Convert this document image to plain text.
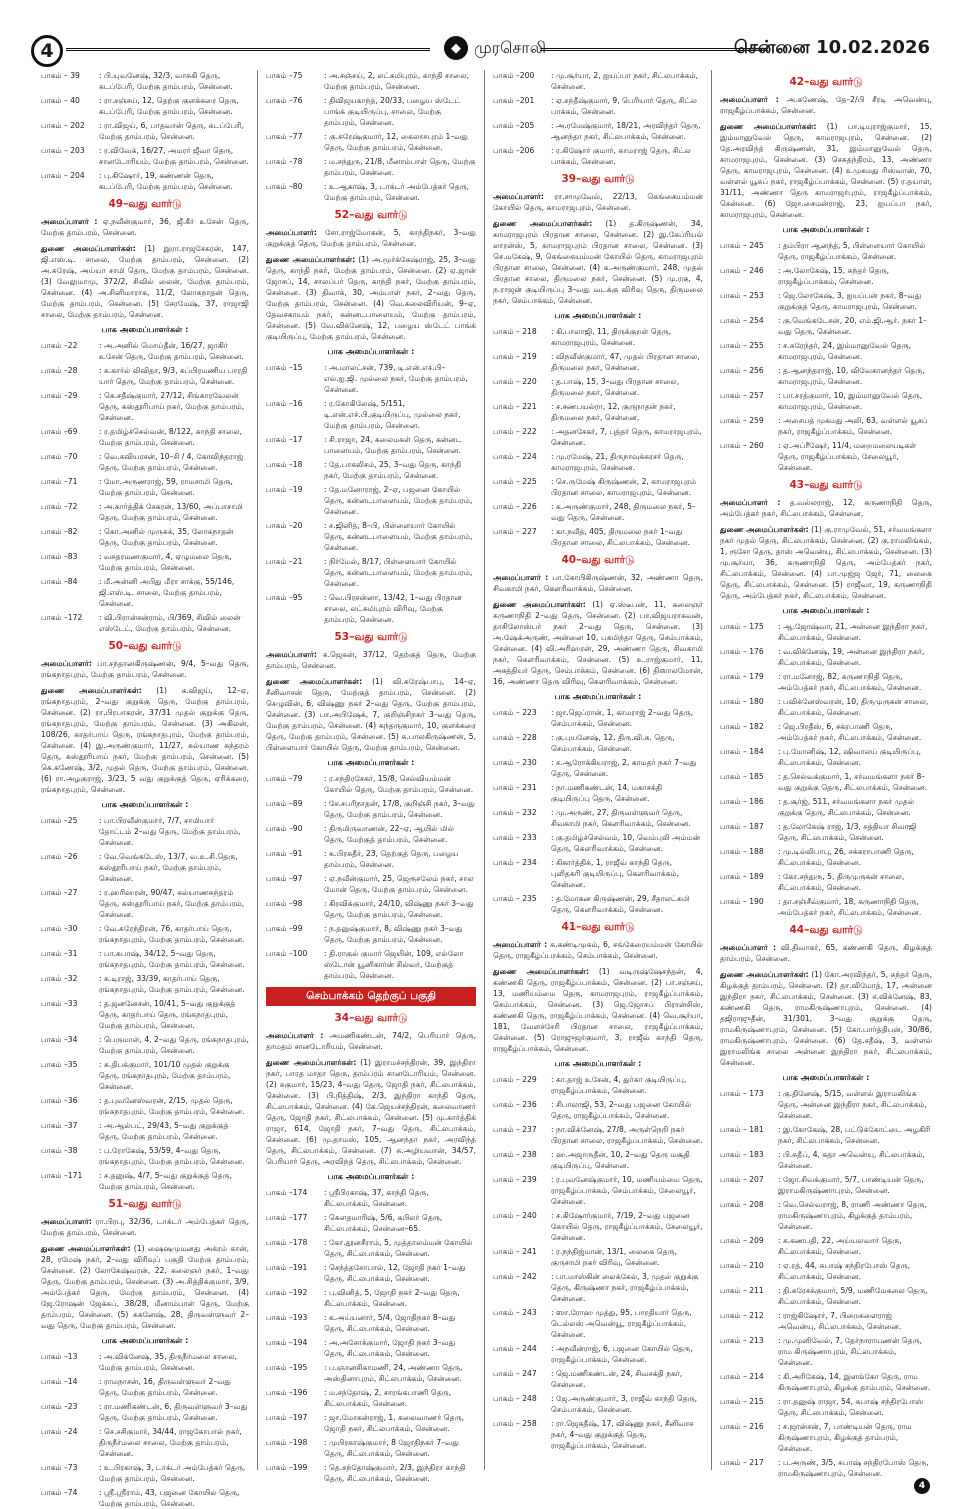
4	◆ முரசொலி	சென்னை 10.02.2026
பாகம் – 39	: பி.யுவனேஷ், 32/3, வாசுகி தெரு, கடப்பேரி, மேற்கு தாம்பரம், சென்னை.
பாகம் – 40	: ரா.சஞ்சய், 12, தெற்கு குளக்கரை தெரு, கடப்பேரி, மேற்கு தாம்பரம், சென்னை.
பாகம் – 202	: ரா.விஜய், 6, பாதவான் தெரு, கடப்பேரி, மேற்கு தாம்பரம், சென்னை.
பாகம் – 203	: ர.விவேக், 16/27, அமரர் ஜீவா தெரு, சானடோரியம், மேற்கு தாம்பரம், சென்னை.
பாகம் – 204	: பு.கிஷோர், 19, கண்ணன் தெரு, கடப்பேரி, மேற்கு தாம்பரம், சென்னை.
49–வது வார்டு
அமைப்பாளர் : ஏ.நவீன்குமார், 36, ஜீ.கீர் உசேன் தெரு, மேற்கு தாம்பரம், சென்னை.
துணை அமைப்பாளர்கள்: (1) இரா.ராஜசேகரன், 147, ஜி.எஸ்.டி. சாலை, மேற்கு தாம்பரம், சென்னை. (2) அ.சுரேஷ், அய்யா சாமி தெரு, மேற்கு தாம்பரம், சென்னை. (3) வேலுமாமு, 372/2, சிவில் லைன், மேற்கு தாம்பரம், சென்னை. (4) அ.சினிமாராக, 11/2, லோகநாதன் தெரு, மேற்கு தாம்பரம், சென்னை. (5) சேரமேஷ், 37, ராஜாஜி சாலை, மேற்கு தாம்பரம், சென்னை.
பாக அமைப்பாளர்கள் :
பாகம் –22	: அ.அனில் மொய்தீன், 16/27, ஜாகிர் உசேன் தெரு, மேற்கு தாம்பரம், சென்னை.
பாகம் –28	: க.கார்ல் லிவிதா, 9/3, சுப்பிரமணிய பாரதி யார் தெரு, மேற்கு தாம்பரம், சென்னை.
பாகம் –29	: கெ.சதீஷ்குமார், 27/12, சிங்காரவேலன் தெரு, கஸ்தூரிபாய் நகர், மேற்கு தாம்பரம், சென்னை.
பாகம் –69	: ர.தமிழ்ச்செல்வன், 8/122, காந்தி சாலை, மேற்கு தாம்பரம், சென்னை.
பாகம் –70	: வெ.கவியரசன், 10–சி / 4, கோவிந்தராஜ் தெரு, மேற்கு தாம்பரம், சென்னை.
பாகம் –71	: மோ.அருணராஜ், 59, ராமசாமி தெரு, மேற்கு தாம்பரம், சென்னை.
பாகம் –72	: அ.கார்த்திக் சேகரன், 13/60, அப்பாசாமி தெரு, மேற்கு தாம்பரம், சென்னை.
பாகம் –82	: கொ.அனில் முருகக், 35, லோகநாதன் தெரு, மேற்கு தாம்பரம், சென்னை.
பாகம் –83	: வசதரமணகுமார், 4, ஏழுமலை தெரு, மேற்கு தாம்பரம், சென்னை.
பாகம் –84	: மீ.அன்னி அபிது மீரா சாக்கு, 55/146, ஜி.எஸ்.டி. சாலை, மேற்கு தாம்பரம், சென்னை.
பாகம் –172	: வி.பிரான்சன்ராம், பி/369, சிவில் லைன் எஸ்டேட், மேற்கு தாம்பரம், சென்னை.
50–வது வார்டு
அமைப்பாளர்: பா.சந்தானகிருஷ்ணன், 9/4, 5–வது தெரு, ரங்கநாதபுரம், மேற்கு தாம்பரம், சென்னை.
துணை அமைப்பாளர்கள்: (1) க.விஜய், 12–ஏ, ரங்கநாதபுரம், 2–வது குறுக்கு தெரு, மேற்கு தாம்பரம், சென்னை. (2) ரா.பிரபாகரன், 37/31 முதல் குறுக்கு தெரு, ரங்கநாதபுரம், மேற்கு தாம்பரம், சென்னை. (3) அகிலன், 108/26, காதர்பாய் தெரு, ரங்கநாதபுரம், மேற்கு தாம்பரம், சென்னை. (4) இ.அருண்குமார், 11/27, கல்யாண சுந்தரம் தெரு, கஸ்தூரிபாய் நகர், மேற்கு தாம்பரம், சென்னை. (5) கெ.கணேஷ், 3/2, முதல் தெரு, மேற்கு தாம்பரம், சென்னை. (6) ரா.அழகுராஜ், 3/23, 5 வது குறுக்குத் தெரு, ஏரிக்கரை, ரங்கநாதபுரம், சென்னை.
பாக அமைப்பாளர்கள் :
பாகம் –25	: பா.பிரவீன்குமார், 7/7, சாமியார் தோட்டம் 2–வது தெரு, மேற்கு தாம்பரம், சென்னை.
பாகம் –26	: வே.வெங்கடேஸ், 13/7, வ.உ.சி.தெரு, கஸ்தூரிபாய் நகர், மேற்கு தாம்பரம், சென்னை.
பாகம் –27	: ர.ஹரிஹரன், 90/47, கல்யாணசுந்தரம் தெரு, கஸ்தூரிபாய் நகர், மேற்கு தாம்பரம், சென்னை.
பாகம் –30	: வே.சுரேந்திரன், 76, காதர்பாய் தெரு, ரங்கநாதபுரம், மேற்கு தாம்பரம், சென்னை.
பாகம் –31	: பா.சுபாஷ், 34/12, 5–வது தெரு, ரங்கநாதபுரம், மேற்கு தாம்பரம், சென்னை.
பாகம் –32	: க.டிராஜ், 33/39, காதர்பாய் தெரு, ரங்கநாதபுரம், மேற்கு தாம்பரம், சென்னை.
பாகம் –33	: த.ஜனனேசன், 10/41, 5–வது குறுக்குத் தெரு, காதர்பாய் தெரு, ரங்கநாதபுரம், மேற்கு தாம்பரம், சென்னை.
பாகம் –34	: பெருமாள், 4, 2–வது தெரு, ரங்கநாதபுரம், மேற்கு தாம்பரம், சென்னை.
பாகம் –35	: சு.திபக்குமார், 101/10 முதல் குறுக்கு தெரு, ரங்கநாதபுரம், மேற்கு தாம்பரம், சென்னை.
பாகம் –36	: த.புவனேஸ்வரன், 2/15, முதல் தெரு, ரங்கநாதபுரம், மேற்கு தாம்பரம், சென்னை.
பாகம் –37	: அ.ஆல்பட், 29/43, 5–வது குறுக்குத் தெரு, மேற்கு தாம்பரம், சென்னை.
பாகம் –38	: ப.ரோகேஷ், 53/59, 4–வது தெரு, ரங்கநாதபுரம், மேற்கு தாம்பரம், சென்னை.
பாகம் –171	: ச.தனுஷ், 4/7, 5–வது குறுக்குத் தெரு, மேற்கு தாம்பரம், சென்னை.
51–வது வார்டு
அமைப்பாளர்: ரா.பிரபு, 32/36, டாக்டர் அம்பேத்கர் தெரு, மேற்கு தாம்பரம், சென்னை.
துணை அமைப்பாளர்கள்: (1) ஷைஷமுமனது அக்ரம் கான், 28, ரமேஷ் நகர், 2–வது விரிவுப் பகுதி மேற்கு தாம்பரம், சென்னை. (2) லோகேஷ்வரன், 22, கலைஞர் நகர், 1–வது தெரு, மேற்கு தாம்பரம், சென்னை. (3) அ.சித்திக்குமார், 3/9, அம்பேத்கர் தெரு, மேற்கு தாம்பரம், சென்னை. (4) ஜே.ரோஷன் ஜேக்கப், 38/28, மீனாம்பாள் தெரு, மேற்கு தாம்பரம், சென்னை. (5) சுகனேஷ், 28, திருவள்ளுவர் 2–வது தெரு, மேற்கு தாம்பரம், சென்னை.
பாக அமைப்பாளர்கள் :
பாகம் –13	: அ.விக்னேஷ், 35, திருநீர்மலை சாலை, மேற்கு தாம்பரம், சென்னை.
பாகம் –14	: ராமநாசன், 16, திருவள்ளுவர் 2–வது தெரு, மேற்கு தாம்பரம், சென்னை.
பாகம் –23	: ரா.மணிகண்டன், 6, திருவள்ளுவர் 3–வது தெரு, மேற்கு தாம்பரம், சென்னை.
பாகம் –24	: செ.சசிகுமார், 34/44, ராஜகோபால் நகர், திருநீர்மலை சாலை, மேற்கு தாம்பரம், சென்னை.
பாகம் –73	: உ.பிரகாஷ், 3, டாக்டர் அம்பேத்கர் தெரு, மேற்கு தாம்பரம், சென்னை.
பாகம் –74	: ஸ்ரீ.ஸ்ரீராம், 43, பஜனை கோயில் தெரு, மேற்கு தாம்பரம், சென்னை.
பாகம் –75	: அ.சஞ்சய், 2, லட்சுமிபுரம், காந்தி சாலை, மேற்கு தாம்பரம், சென்னை.
பாகம் –76	: திவிஜயகாந்த், 20/33, பழைய ஸ்டேட் பாங்க் குடியிருப்பு, சாலை, மேற்கு தாம்பரம், சென்னை.
பாகம் –77	: கு.சுரேஷ்குமார், 12, கைலாசபுரம் 1–வது தெரு, மேற்கு தாம்பரம், சென்னை.
பாகம் –78	: ம.சந்துரு, 21/8, மீனாம்பாள் தெரு, மேற்கு தாம்பரம், சென்னை.
பாகம் –80	: உ.ஆகாஷ், 3, டாக்டர் அம்பேத்கர் தெரு, மேற்கு தாம்பரம், சென்னை.
52–வது வார்டு
அமைப்பாளர்: சோ.ராஜ்மோகன், 5, காந்திநகர், 3–வது குறுக்குத் தெரு, மேற்கு தாம்பரம், சென்னை.
துணை அமைப்பாளர்கள்: (1) அ.மூர்க்கேஷ்ராஜ், 25, 3–வது தெரு, காந்தி நகர், மேற்கு தாம்பரம், சென்னை. (2) ஏ.ஜான் ஜோசப், 14, சாலப்பர் தெரு, காந்தி நகர், மேற்கு தாம்பரம், சென்னை. (3) திவாக், 30, அம்பாள் நகர், 2–வது தெரு, மேற்கு தாம்பரம், சென்னை. (4) வெ.கலைவிரியன், 9–ஏ, தேவசகாயம் நகர், கன்னடபாளையம், மேற்கு தாம்பரம், சென்னை. (5) வே.விக்னேஷ், 12, பழைய ஸ்டேட் பாங்க் குடியிருப்பு, மேற்கு தாம்பரம், சென்னை.
பாக அமைப்பாளர்கள் :
பாகம் –15	: அ.மாலட்சன், 739, டி.என்.எச்.பி–எல்.ஐ.ஜி. முல்லை நகர், மேற்கு தாம்பரம், சென்னை.
பாகம் –16	: ர.கோகிலேஷ், 5/151, டி.என்.எச்.பி.குடியிருப்பு, முல்லை நகர், மேற்கு தாம்பரம், சென்னை.
பாகம் –17	: சி.ராஜா, 24, கலைமகள் தெரு, கன்னட பாளையம், மேற்கு தாம்பரம், சென்னை.
பாகம் –18	: தே.பாகலிசம், 25, 3–வது தெரு, காந்தி நகர், மேற்கு தாம்பரம், சென்னை.
பாகம் –19	: தே.மனோராஜ், 2–ஏ, பஜனை கோயில் தெரு, கன்னடபாளையம், மேற்கு தாம்பரம், சென்னை.
பாகம் –20	: ச.ஜினித், 8–பி, பிள்ளையார் கோயில் தெரு, கன்னடபாளையம், மேற்கு தாம்பரம், சென்னை.
பாகம் –21	: நிர்மேல், 8/17, பிள்ளையார் கோயில் தெரு, கன்னடபாளையம், மேற்கு தாம்பரம், சென்னை.
பாகம் –95	: வெ.பிரசன்னா, 13/42, 1–வது பிரதான சாலை, லட்சுமிபுரம் விரிவு, மேற்கு தாம்பரம், சென்னை.
53–வது வார்டு
அமைப்பாளர்: க.ஜெகன், 37/12, தெற்குத் தெரு, மேற்கு தாம்பரம், சென்னை.
துணை அமைப்பாளர்கள்: (1) வி.சுரேஷ்பாபு, 14–ஏ, சீனிவாசன் தெரு, மேற்குத் தாம்பரம், சென்னை. (2) செழுவின், 6, விஷ்ணு நகர் 2–வது தெரு, மேற்கு தாம்பரம், சென்னை. (3) பா.அபிஷேக், 7, குறிஞ்சிநகர் 3–வது தெரு, மேற்கு தாம்பரம், சென்னை. (4) சுந்தருகுமார், 10, குளக்கரை தெரு, மேற்கு தாம்பரம், சென்னை. (5) சு.பாலகிருஷ்ணன், 5, பிள்ளையார் கோயில் தெரு, மேற்கு தாம்பரம், சென்னை.
பாக அமைப்பாளர்கள் :
பாகம் –79	: ர.சந்திரசேகர், 15/8, செல்வியம்மன் கோயில் தெரு, மேற்கு தாம்பரம், சென்னை.
பாகம் –89	: சே.சபரிநாதன், 17/8, குறிஞ்சி நகர், 3–வது தெரு, மேற்கு தாம்பரம், சென்னை.
பாகம் –90	: திருமிருவாணன், 22–ஏ, ஆயில் மில் தெரு, மேற்குத் தாம்பரம், சென்னை.
பாகம் –91	: சு.பிரசுதீர், 23, தெற்குத் தெரு, பழைய தாம்பரம், சென்னை.
பாகம் –97	: ஏ.நவீன்குமார், 25, ஜெரூசலேம் நகர், சால மோன் தெரு, மேற்கு தாம்பரம், சென்னை.
பாகம் –98	: கிரவிக்குமார், 24/10, விஷ்ணு நகர் 3–வது தெரு, மேற்கு தாம்பரம், சென்னை.
பாகம் –99	: ந.தனுஷ்குமார், 8, விஷ்ணு நகர் 3–வது தெரு, மேற்கு தாம்பரம், சென்னை.
பாகம் –100	: தி.ராகுல் குமார் ஜெயின், 109, எல்லோ ஸ்டோன் யூனிகார்ன் சில்வர், மேற்குத் தாம்பரம், சென்னை.
செம்பாக்கம் தெற்குப் பகுதி
34–வது வார்டு
அமைப்பாளர் : அமணிகண்டன், 74/2, பெரியார் தெரு, தாமதம் சானடோரியம், சென்னை.
துணை அமைப்பாளர்கள்: (1) இராமச்சந்திரன், 39, இந்திரா நகர், பாரத மாதா தெரு, தாம்பரம் சானடோரியம், சென்னை. (2) சுகுமார், 15/23, 4–வது தெரு, ஜோதி நகர், சிட்லபாக்கம், சென்னை. (3) பி.நித்திஷ், 2/3, இந்திரா காந்தி தெரு, சிட்லபாக்கம், சென்னை. (4) கே.ஜெயச்சந்திரன், கலைவாணர் தெரு, ஜோதி நகர், சிட்லபாக்கம், சென்னை. (5) மு.கார்த்திக் ராஜா, 614, ஜோதி நகர், 7–வது தெரு, சிட்லபாக்கம், சென்னை. (6) மு.தாமஸ், 105, ஆனந்தா நகர், அரவிந்த் தெரு, சிட்லபாக்கம், சென்னை. (7) சு.அழியவான், 34/57, பெரியார் தெரு, அரவிந்த் தெரு, சிட்லபாக்கம், சென்னை.
பாக அமைப்பாளர்கள் :
பாகம் –174	: ஸ்ரீபிரகாஷ், 37, காந்தி தெரு, சிட்லபாக்கம், சென்னை.
பாகம் –177	: கௌதமாரிஷ், 5/6, கபிலர் தெரு, சிட்லபாக்கம், சென்னை–65.
பாகம் –178	: கோ.தூனசீராம், 5, முத்தாலம்மன் கோயில் தெரு, சிட்லபாக்கம், சென்னை.
பாகம் –191	: செந்த்தசோபால், 12, ஜோதி நகர் 1–வது தெரு, சிட்லபாக்கம், சென்னை.
பாகம் –192	: ப.வினித், 5, ஜோதி நகர் 2–வது தெரு, சிட்லபாக்கம், சென்னை.
பாகம் –193	: க.அய்யனார், 5/4, ஜோதிநகர் 8–வது தெரு, சிட்லபாக்கம், சென்னை.
பாகம் –194	: அ.அசோக்குமார், ஜோதி நகர் 3–வது தெரு, சிட்லபாக்கம், சென்னை.
பாகம் –195	: ப.ஞானசிகாமணி, 24, அண்ணா தெரு, அஸ்தினாபுரம், சிட்லபாக்கம், சென்னை.
பாகம் –196	: ம.சந்தோஷ், 2, சாரங்கபாணி தெரு, சிட்லபாக்கம், சென்னை.
பாகம் –197	: ஜா.மோகன்ராஜ், 1, கலைவாணர் தெரு, ஜோதி நகர், சிட்லபாக்கம், சென்னை.
பாகம் –198	: முபிரகாஷ்குமார், 8 ஜோதிநகர் 7–வது தெரு, சிட்லபாக்கம், சென்னை.
பாகம் –199	: தெ.சந்தோஷ்குமார், 2/3, இந்திரா காந்தி தெரு, சிட்லபாக்கம், சென்னை.
பாகம் –200	: மு.சூர்யா, 2, ஐயப்பா நகர், சிட்லபாக்கம், சென்னை.
பாகம் –201	: ஏ.சந்தீஷ்குமார், 9, பெரியார் தெரு, சிட்ல பாக்கம், சென்னை.
பாகம் –205	: அ.ரமேஷ்குமார், 18/21, அரவிந்தர் தெரு, ஆனந்தா நகர், சிட்லபாக்கம், சென்னை.
பாகம் –206	: ர.கிஷோர் குமார், காமராஜ் தெரு, சிட்ல பாக்கம், சென்னை.
39–வது வார்டு
அமைப்பாளர்: ரா.சாமுவேல், 22/13, கெங்கையம்மன் கோயில் தெரு, காமராஜபுரம், சென்னை.
துணை அமைப்பாளர்கள்: (1) த.கிருஷ்ணன், 34, காமராஜபுரம் பிரதான சாலை, சென்னை. (2) இ.கேப்ரியல் லாரன்ஸ், 5, காமராஜபுரம் பிரதான சாலை, சென்னை. (3) செ.மகேஷ், 9, கெங்கையம்மன் கோயில் தெரு, காமராஜபுரம் பிரதான சாலை, சென்னை. (4) க.அருண்குமார், 248, முதல் பிரதான சாலை, திருமலை நகர், சென்னை. (5) மு.ரகு, 4, ந.ராஜன் குடியிருப்பு 3–வது வடக்கு விரிவு தெரு, திருமலை நகர், செம்பாக்கம், சென்னை.
பாக அமைப்பாளர்கள் :
பாகம் – 218	: கி.பாலாஜி, 11, திருக்குறள் தெரு, காமராஜபுரம், சென்னை.
பாகம் – 219	: விநவீன்குமார், 47, முதல் பிரதான சாலை, திருமலை நகர், சென்னை.
பாகம் – 220	: த.பாஷ், 15, 3–வது பிரதான சாலை, திருமலை நகர், சென்னை.
பாகம் – 221	: ச.சணபயல்ரா, 12, குருநாதன் நகர், திருமலை நகர், சென்னை.
பாகம் – 222	: அதனசேகர், 7, புத்தர் தெரு, காமராஜபுரம், சென்னை.
பாகம் – 224	: மு.ரமேஷ், 21, திருநாவுக்கரசர் தெரு, காமராஜபுரம், சென்னை.
பாகம் – 225	: செ.ருமேஷ் கிருஷ்ணன், 2, காமராஜபுரம் பிரதான சாலை, காமராஜபுரம், சென்னை.
பாகம் – 226	: க.அருண்குமார், 248, திருமலை நகர், 5–வது தெரு, சென்னை.
பாகம் – 227	: கா.நவீத், 405, திருமலை நகர் 1–வது பிரதான சாலை, சிட்லபாக்கம், சென்னை.
40–வது வார்டு
அமைப்பாளர் : பா.கோபிகிருஷ்ணன், 32, அண்ணா தெரு, சிவகாமி நகர், கௌரிவாக்கம், சென்னை.
துணை அமைப்பாளர்கள்: (1) ஏ.ஸ்டீபன், 11, கலைஞர் கருணாநிதி 2–வது தெரு, சென்னை. (2) பா.விஜயராகவன், தாசிலோஸ்பர் நகர் 2–வது தெரு, சென்னை. (3) அ.ஷேக்அருண், அன்னை 10, பசுமிந்தா தெரு, செம்பாக்கம், சென்னை. (4) வி.அரிஹரன், 29, அண்ணா தெரு, சிவகாமி நகர், கௌரிவாக்கம், சென்னை. (5) உ.ராஜ்குமார், 11, அகத்தியர் தெரு, செம்பாக்கம், சென்னை. (6) திஸாலமோன், 16, அண்ணா தெரு விரிவு, கௌரிவாக்கம், சென்னை.
பாக அமைப்பாளர்கள் :
பாகம் – 223	: ஜா.ஜெப்ரான், 1, காமராஜ் 2–வது தெரு, செம்பாக்கம், சென்னை.
பாகம் – 228	: கு.புயனேஷ், 12, திரு.வி.க. தெரு, செம்பாக்கம், சென்னை.
பாகம் – 230	: ச.ஆரோக்கியராஜ், 2, காமதர் நகர் 7–வது தெரு, சென்னை.
பாகம் – 231	: நா.மணிகண்டன், 14, மகாசக்தி குடியிருப்பு தெரு, சென்னை.
பாகம் – 232	: மு.அருண், 27, திருவள்ளுவர் தெரு, சிவகாமி நகர், கௌரிவாக்கம், சென்னை.
பாகம் – 233	: கு.தமிழ்ச்செல்வம், 10, வெம்புலி அம்மன் தெரு, கௌரிவாக்கம், சென்னை.
பாகம் – 234	: கிகார்த்திக், 1, ராஜீவ் காந்தி தெரு, புளிதகரி குடியிருப்பு, கௌரிவாக்கம், சென்னை.
பாகம் – 235	: த.மோகன கிருஷ்ணன், 29, சீதாலட்சுமி தெரு, கௌரிவாக்கம், சென்னை.
41–வது வார்டு
அமைப்பாளர் : க.கண்டிமுகம், 6, சங்கேரையம்மன் கோயில் தெரு, ராஜகீழ்ப்பாக்கம், செம்பாக்கம், சென்னை.
துணை அமைப்பாளர்கள்: (1) வடிருஷ்ஷேசந்தன், 4, கண்ணகி தெரு, ராஜகீழ்ப்பாக்கம், சென்னை. (2) பா.சஞ்சய், 13, மணியம்மை தெரு, காமராஜபுரம், ராஜகீழ்ப்பாக்கம், செம்பாக்கம், சென்னை. (3) ஜெ.ஜோசப் பிரான்சிஸ், கண்ணகி தெரு, ராஜகீழ்ப்பாக்கம், சென்னை. (4) வெ.சூர்யா, 181, வேளச்சேரி பிரதான சாலை, ராஜகீழ்ப்பாக்கம், சென்னை. (5) ரோஜுஜர்குமார், 3, ராஜீவ் காந்தி தெரு, ராஜகீழ்ப்பாக்கம், சென்னை.
பாக அமைப்பாளர்கள் :
பாகம் – 229	: கா.தாஜ் உசேன், 4, துர்கா குடியிருப்பு, ராஜகீழ்ப்பாக்கம், சென்னை.
பாகம் – 236	: சிபாலாஜி, 53, 2–வது பஜனை கோயில் தெரு, ராஜகீழ்ப்பாக்கம், சென்னை.
பாகம் – 237	: நா.விக்னேஷ், 27/8, அருள்நெறி நகர் பிரதான சாலை, ராஜகீழ்ப்பாக்கம், சென்னை.
பாகம் – 238	: ஹ.அஜாருதீன், 10, 2–வது தெரு மசூதி குடியிருப்பு, சென்னை.
பாகம் – 239	: ர.புவனேஷ்குமார், 10, மணியம்மை தெரு, ராஜகீழ்ப்பாக்கம், செம்பாக்கம், சேலையூர், சென்னை.
பாகம் – 240	: ச.கிஷோர்குமார், 7/19, 2–வது பஜனை கோயில் தெரு, ராஜகீழ்ப்பாக்கம், சேலையூர், சென்னை.
பாகம் – 241	: ர.நந்திஜ்மான், 13/1, லைகை தெரு, குருசாமி நகர் விரிவு, சென்னை.
பாகம் – 242	: பா.மாஸ்கின் லைக்கேல், 3, முதல் குறுக்கு தெரு, கிருஷ்ணா நகர், ராஜகீழ்ப்பாக்கம், சென்னை.
பாகம் – 243	: ஸா.ரோஹ முத்து, 95, பாரதியார் தெரு, டெல்லஸ் அவென்யூ, ராஜகீழ்ப்பாக்கம், சென்னை.
பாகம் – 244	: அநவீன்ராஜ், 6, பஜனை கோயில் தெரு, ராஜகீழ்ப்பாக்கம், சென்னை.
பாகம் – 247	: ஜெ.மணிகண்டன், 24, சிவசக்தி நகர், சென்னை.
பாகம் – 248	: ஜே.அருண்குமார், 3, ராஜீவ் காந்தி தெரு, செம்பாக்கம், சென்னை.
பாகம் – 258	: ரா.ஜெகதீஷ், 17, விஷ்ணு நகர், சீனிவாச நகர், 4–வது குறுக்குத் தெரு, ராஜகீழ்ப்பாக்கம், சென்னை.
42–வது வார்டு
அமைப்பாளர் : அ.கணேஷ், தே–2/பி சீரடி அவென்யு, ராஜகீழ்ப்பாக்கம், சென்னை.
துணை அமைப்பாளர்கள்: (1) பா.டியுராஜ்குமார், 15, இம்மானுவேல் தெரு, காமராஜபுரம், சென்னை. (2) தே.அரவிந்த் கிருஷ்ணன், 31, இம்மானுவேல் தெரு, காமராஜபுரம், சென்னை. (3) செசுதந்திரம், 13, அண்ணா தெரு, காமராஜபுரம், சென்னை. (4) உமுகமது ரிஸ்வான், 70, வள்ளல் யூசுப் நகர், ராஜகீழ்ப்பாக்கம், சென்னை. (5) ர.தயாள், 31/11, அண்ணா தெரு காமராஜர்புரம், ராஜகீழ்ப்பாக்கம், சென்னை. (6) ஜோ.சைமன்ராஜ், 23, ஐயப்பா நகர், காமராஜபுரம், சென்னை.
பாக அமைப்பாளர்கள் :
பாகம் – 245	: தம்பிரா ஆனந்த், 5, பிள்ளையார் கோயில் தெரு, ராஜகீழ்ப்பாக்கம், சென்னை.
பாகம் – 246	: அ.லோகேஷ், 15, சுந்தர் தெரு, ராஜகீழ்ப்பாக்கம், சென்னை.
பாகம் – 253	: ஜெ.லோகேஷ், 3, ஐயப்பன் நகர், 8–வது குறுக்குத் தெரு, காமராஜபுரம், சென்னை.
பாகம் – 254	: கு.வெங்கடேசன், 20, எம்.ஜி.ஆர். நகர் 1–வது தெரு, சென்னை.
பாகம் – 255	: ச.சுரேந்தர், 24, இம்மானுவேல் தெரு, காமராஜபுரம், சென்னை.
பாகம் – 256	: த.ஆனந்தராஜ், 10, விவேகானந்தர் தெரு, காமராஜபுரம், சென்னை.
பாகம் – 257	: பா.சரத்குமார், 10, இம்மானுவேல் தெரு, காமராஜபுரம், சென்னை.
பாகம் – 259	: அசையத் முகமது அலி, 63, வள்ளல் யூசப் நகர், ராஜகீழ்ப்பாக்கம், சென்னை.
பாகம் – 260	: ஏ.அப்ரீஷேர், 11/4, மறைமலையடிகள் தெரு, ராஜகீழ்ப்பாக்கம், சேலையூர், சென்னை.
43–வது வார்டு
அமைப்பாளர் : த.வல்லராஜ், 12, கருணாநிதி தெரு, அம்பேத்கர் நகர், சிட்லபாக்கம், சென்னை.
துணை அமைப்பாளர்கள்: (1) கு.ராமுவேல், 51, சர்வமங்களா நகர் முதல் தெரு, சிட்லபாக்கம், சென்னை. (2) கு.ராமலிங்கம், 1, ரூசோ தெரு, தாஸ் அவென்யு, சிட்லபாக்கம், சென்னை. (3) மு.சூர்யா, 36, கருணாநிதி தெரு, அம்பேத்கர் நகர், சிட்லபாக்கம், சென்னை. (4) பா.முஜ்ஜ ஜேர், 71, லைகை தெரு, சிட்லபாக்கம், சென்னை. (5) ராஜீவா, 19, கருணாநிதி தெரு, அம்பேத்கர் நகர், சிட்லபாக்கம், சென்னை.
பாக அமைப்பாளர்கள் :
பாகம் – 175	: ஆ.ஜோஷ்வா, 21, அன்னை இந்திரா நகர், சிட்லபாக்கம், சென்னை.
பாகம் – 176	: வ.விக்னேஷ், 19, அன்னை இந்திரா நகர், சிட்லபாக்கம், சென்னை.
பாகம் – 179	: ரா.மனோஜ், 82, கருணாநிதி தெரு, அம்பேத்கர் நகர், சிட்லபாக்கம், சென்னை.
பாகம் – 180	: பவிக்னேஸ்வரன், 10, திருமுருகன் சாலை, சிட்லபாக்கம், சென்னை.
பாகம் – 182	: ஜெ.பிரதீஸ், 6, சக்ரபாணி தெரு, அம்பேத்கர் நகர், சிட்லபாக்கம், சென்னை.
பாகம் – 184	: பு.மோனிஷ், 12, ஷிவாலய் குடியிருப்பு, சிட்லபாக்கம், சென்னை.
பாகம் – 185	: த.செல்வக்குமார், 1, சர்வமங்களா நகர் 8–வது குறுக்கு தெரு, சிட்லபாக்கம், சென்னை.
பாகம் – 186	: த.சூர்ஜ், 511, சர்வமங்களா நகர் முதல் குறுக்கு தெரு, சிட்லபாக்கம், சென்னை.
பாகம் – 187	: த.லோகேஷ் ராஜ், 1/3, சத்தியா சிவாஜி தெரு, சிட்லபாக்கம், சென்னை.
பாகம் – 188	: மு.டில்லிபாபு, 26, சக்கராபாணி தெரு, சிட்லபாக்கம், சென்னை.
பாகம் – 189	: கோ.சந்துரு, 5, திருமுருகன் சாலை, சிட்லபாக்கம், சென்னை.
பாகம் – 190	: தா.சஞ்சீவ்குமார், 18, கருணாநிதி தெரு, அம்பேத்கர் நகர், சிட்லபாக்கம், சென்னை.
44–வது வார்டு
அமைப்பாளர் : வி.திவாகர், 65, கண்ணகி தெரு, கிழக்குத் தாம்பரம், சென்னை.
துணை அமைப்பாளர்கள்: (1) கோ.அரவிந்தர், 5, சுந்தர் தெரு, கிழக்குத் தாம்பரம், சென்னை. (2) தா.விமோத், 17, அன்னை இந்திரா நகர், சிட்லபாக்கம், சென்னை. (3) ச.விக்னேஷ், 83, கண்ணகி தெரு, ராமகிருஷ்ணாபுரம், சென்னை. (4) தஜிராஜுதீன், 31/301, 3–வது குறுக்கு தெரு, ராமகிருஷ்ணாபுரம், சென்னை. (5) கோ.பார்த்திபன், 30/86, ராமகிருஷ்ணாபுரம், சென்னை. (6) தே.சதீஷ், 3, வள்ளல் இராமலிங்க சாலை அன்னை இந்திரா நகர், சிட்லபாக்கம், சென்னை.
பாக அமைப்பாளர்கள் :
பாகம் – 173	: கு.தினேஷ், 5/15, வள்ளல் இராமலிங்க தெரு, அன்னை இந்திரா நகர், சிட்லபாக்கம், சென்னை.
பாகம் – 181	: இ.கோகேஷ், 28, பட்டுக்கோட்டை அழகிரி நகர், சிட்லபாக்கம், சென்னை.
பாகம் – 183	: பி.சுதீப், 4, கதா அவென்யு, சிட்லபாக்கம், சென்னை.
பாகம் – 207	: ஜோ.சிவக்குமார், 5/7, பாண்டியன் தெரு, இராமகிருஷ்ணாபுரம், சென்னை.
பாகம் – 208	: வெ.செல்வராஜ், 8, ராணி அண்ணா தெரு, ராமகிருஷ்ணாபுரம், கிழக்குத் தாம்பரம், சென்னை.
பாகம் – 209	: க.கணபதி, 22, அய்யலவார் தெரு, சிட்லபாக்கம், சென்னை.
பாகம் – 210	: ஏ.ரத், 44, சுபாஷ் சந்திரபோஸ் தெரு, சிட்லபாக்கம், சென்னை.
பாகம் – 211	: தி.சுரேசக்குமார், 5/9, மணிமேகலை தெரு, சிட்லபாக்கம், சென்னை.
பாகம் – 212	: ராஜ்கிஷோர், 7, பிறைகளைராஜ் அவென்யு, சிட்லபாக்கம், சென்னை.
பாகம் – 213	: மு.முனிவேல், 7, தேர்நாராயணன் தெரு, ராம கிருஷ்ணாபுரம், சிட்லபாக்கம், சென்னை.
பாகம் – 214	: கி.அரிகேஷ், 14, இளங்கோ தெரு, ராம கிருஷ்ணாபுரம், கிழக்கு தாம்பரம், சென்னை.
பாகம் – 215	: ரா.தனுஷ் ராஜா, 54, சுபாஷ் சந்திரபோஸ் தெரு, சிட்லபாக்கம், சென்னை.
பாகம் – 216	: ச.ஜான்சன், 7, பாண்டியன் தெரு, ராம கிருஷ்ணாபுரம், கிழக்குத் தாம்பரம், சென்னை.
பாகம் – 217	: ப.அருண், 3/5, சுபாஷ் சந்திரபோஸ் தெரு, ராமகிருஷ்ணாபுரம், சென்னை.
4
